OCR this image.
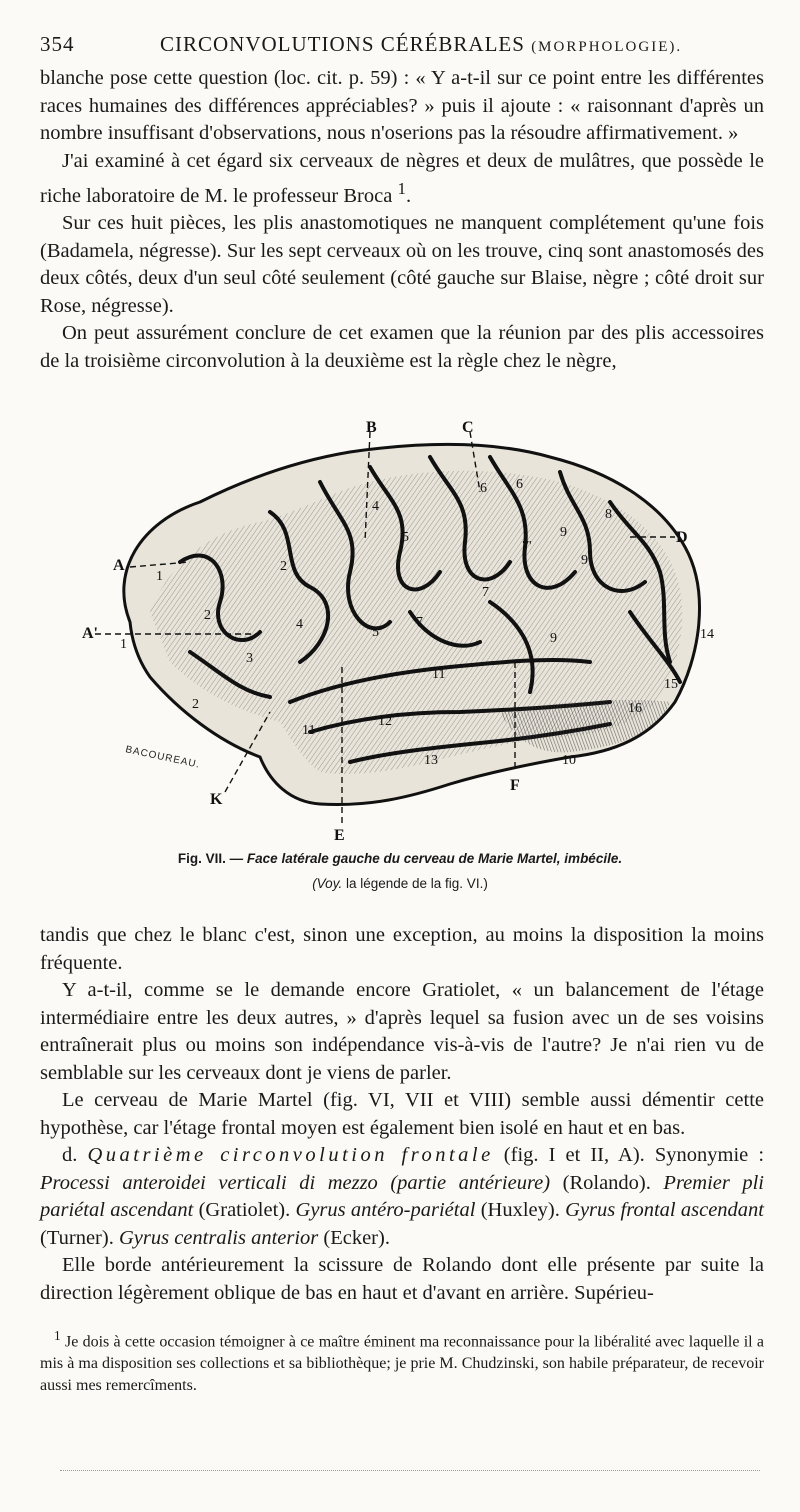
354	CIRCONVOLUTIONS CÉRÉBRALES (MORPHOLOGIE).

blanche pose cette question (loc. cit. p. 59) : « Y a-t-il sur ce point entre les différentes races humaines des différences appréciables? » puis il ajoute : « raisonnant d'après un nombre insuffisant d'observations, nous n'oserions pas la résoudre affirmativement. »

J'ai examiné à cet égard six cerveaux de nègres et deux de mulâtres, que possède le riche laboratoire de M. le professeur Broca $^1$.

Sur ces huit pièces, les plis anastomotiques ne manquent complétement qu'une fois (Badamela, négresse). Sur les sept cerveaux où on les trouve, cinq sont anastomosés des deux côtés, deux d'un seul côté seulement (côté gauche sur Blaise, nègre ; côté droit sur Rose, négresse).

On peut assurément conclure de cet examen que la réunion par des plis accessoires de la troisième circonvolution à la deuxième est la règle chez le nègre,

B	C
A
A'
D
E
F
K
1
1
2
2
2
3
4
4
5
5
6 6
7'
7
7
8
9
9
9
10
11
11
12
13
14
15
16
BACOUREAU.
Fig. VII. — Face latérale gauche du cerveau de Marie Martel, imbécile.
(Voy. la légende de la fig. VI.)

tandis que chez le blanc c'est, sinon une exception, au moins la disposition la moins fréquente.

Y a-t-il, comme se le demande encore Gratiolet, « un balancement de l'étage intermédiaire entre les deux autres, » d'après lequel sa fusion avec un de ses voisins entraînerait plus ou moins son indépendance vis-à-vis de l'autre? Je n'ai rien vu de semblable sur les cerveaux dont je viens de parler.

Le cerveau de Marie Martel (fig. VI, VII et VIII) semble aussi démentir cette hypothèse, car l'étage frontal moyen est également bien isolé en haut et en bas.

d. Quatrième circonvolution frontale (fig. I et II, A). Synonymie : Processi anteroidei verticali di mezzo (partie antérieure) (Rolando). Premier pli pariétal ascendant (Gratiolet). Gyrus antéro-pariétal (Huxley). Gyrus frontal ascendant (Turner). Gyrus centralis anterior (Ecker).

Elle borde antérieurement la scissure de Rolando dont elle présente par suite la direction légèrement oblique de bas en haut et d'avant en arrière. Supérieu-

$^1$ Je dois à cette occasion témoigner à ce maître éminent ma reconnaissance pour la libéralité avec laquelle il a mis à ma disposition ses collections et sa bibliothèque; je prie M. Chudzinski, son habile préparateur, de recevoir aussi mes remercîments.
